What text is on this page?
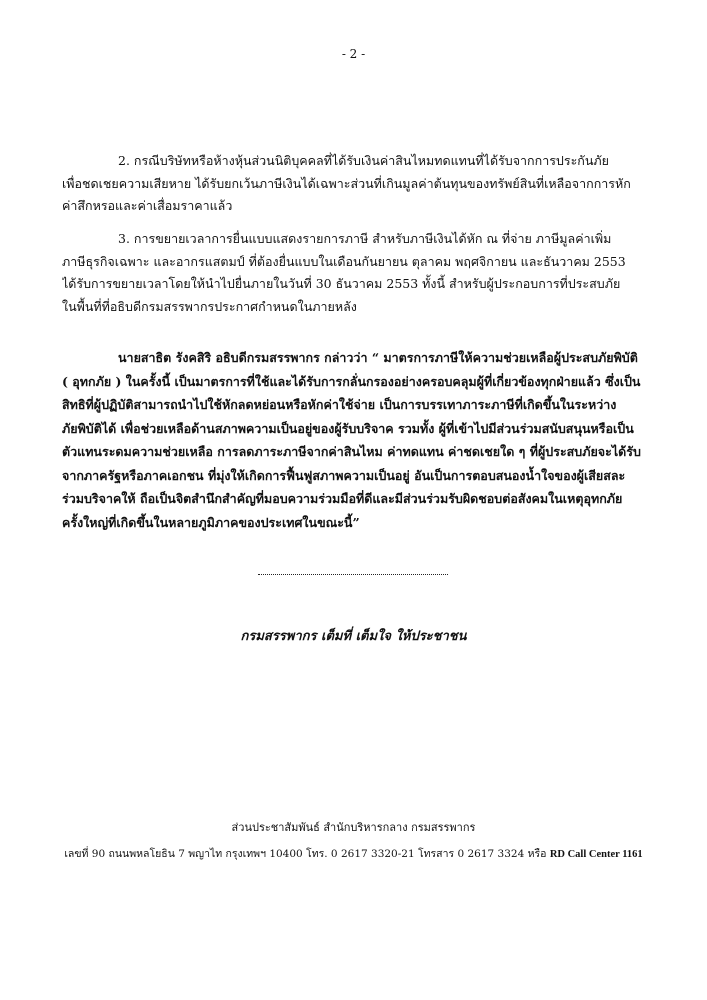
- 2 -

2. กรณีบริษัทหรือห้างหุ้นส่วนนิติบุคคลที่ได้รับเงินค่าสินไหมทดแทนที่ได้รับจากการประกันภัย
เพื่อชดเชยความเสียหาย ได้รับยกเว้นภาษีเงินได้เฉพาะส่วนที่เกินมูลค่าต้นทุนของทรัพย์สินที่เหลือจากการหัก
ค่าสึกหรอและค่าเสื่อมราคาแล้ว

3. การขยายเวลาการยื่นแบบแสดงรายการภาษี สำหรับภาษีเงินได้หัก ณ ที่จ่าย ภาษีมูลค่าเพิ่ม
ภาษีธุรกิจเฉพาะ และอากรแสตมป์ ที่ต้องยื่นแบบในเดือนกันยายน ตุลาคม พฤศจิกายน และธันวาคม 2553
ได้รับการขยายเวลาโดยให้นำไปยื่นภายในวันที่ 30 ธันวาคม 2553 ทั้งนี้ สำหรับผู้ประกอบการที่ประสบภัย
ในพื้นที่ที่อธิบดีกรมสรรพากรประกาศกำหนดในภายหลัง

นายสาธิต รังคสิริ อธิบดีกรมสรรพากร กล่าวว่า “ มาตรการภาษีให้ความช่วยเหลือผู้ประสบภัยพิบัติ
( อุทกภัย ) ในครั้งนี้ เป็นมาตรการที่ใช้และได้รับการกลั่นกรองอย่างครอบคลุมผู้ที่เกี่ยวข้องทุกฝ่ายแล้ว ซึ่งเป็น
สิทธิที่ผู้ปฏิบัติสามารถนำไปใช้หักลดหย่อนหรือหักค่าใช้จ่าย เป็นการบรรเทาภาระภาษีที่เกิดขึ้นในระหว่าง
ภัยพิบัติได้ เพื่อช่วยเหลือด้านสภาพความเป็นอยู่ของผู้รับบริจาค รวมทั้ง ผู้ที่เข้าไปมีส่วนร่วมสนับสนุนหรือเป็น
ตัวแทนระดมความช่วยเหลือ การลดภาระภาษีจากค่าสินไหม ค่าทดแทน ค่าชดเชยใด ๆ ที่ผู้ประสบภัยจะได้รับ
จากภาครัฐหรือภาคเอกชน ที่มุ่งให้เกิดการฟื้นฟูสภาพความเป็นอยู่ อันเป็นการตอบสนองน้ำใจของผู้เสียสละ
ร่วมบริจาคให้ ถือเป็นจิตสำนึกสำคัญที่มอบความร่วมมือที่ดีและมีส่วนร่วมรับผิดชอบต่อสังคมในเหตุอุทกภัย
ครั้งใหญ่ที่เกิดขึ้นในหลายภูมิภาคของประเทศในขณะนี้”

กรมสรรพากร เต็มที่ เต็มใจ ให้ประชาชน
ส่วนประชาสัมพันธ์ สำนักบริหารกลาง กรมสรรพากร
เลขที่ 90 ถนนพหลโยธิน 7 พญาไท กรุงเทพฯ 10400 โทร. 0 2617 3320-21 โทรสาร 0 2617 3324 หรือ RD Call Center 1161
